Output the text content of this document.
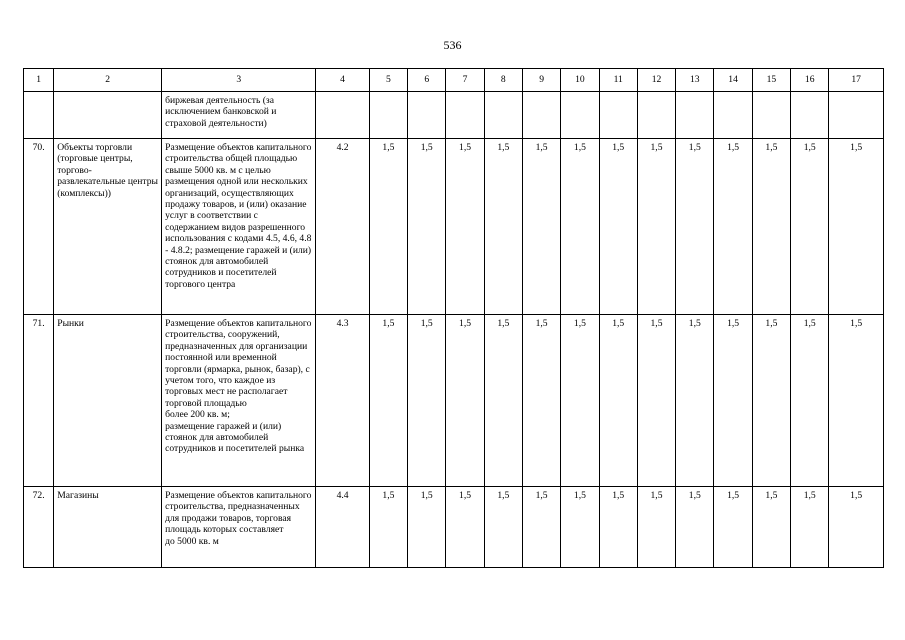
536
1	2	3	4	5	6	7	8	9	10	11	12	13	14	15	16	17
		биржевая деятельность (за исключением банковской и страховой деятельности)														
70.	Объекты торговли (торговые центры, торгово-развлекательные центры (комплексы))	Размещение объектов капитального строительства общей площадью свыше 5000 кв. м с целью размещения одной или нескольких организаций, осуществляющих продажу товаров, и (или) оказание услуг в соответствии с содержанием видов разрешенного использования с кодами 4.5, 4.6, 4.8 - 4.8.2; размещение гаражей и (или) стоянок для автомобилей сотрудников и посетителей торгового центра	4.2	1,5	1,5	1,5	1,5	1,5	1,5	1,5	1,5	1,5	1,5	1,5	1,5	1,5
71.	Рынки	Размещение объектов капитального строительства, сооружений, предназначенных для организации постоянной или временной торговли (ярмарка, рынок, базар), с учетом того, что каждое из торговых мест не располагает торговой площадью
более 200 кв. м;
размещение гаражей и (или) стоянок для автомобилей сотрудников и посетителей рынка	4.3	1,5	1,5	1,5	1,5	1,5	1,5	1,5	1,5	1,5	1,5	1,5	1,5	1,5
72.	Магазины	Размещение объектов капитального строительства, предназначенных для продажи товаров, торговая площадь которых составляет
до 5000 кв. м	4.4	1,5	1,5	1,5	1,5	1,5	1,5	1,5	1,5	1,5	1,5	1,5	1,5	1,5
